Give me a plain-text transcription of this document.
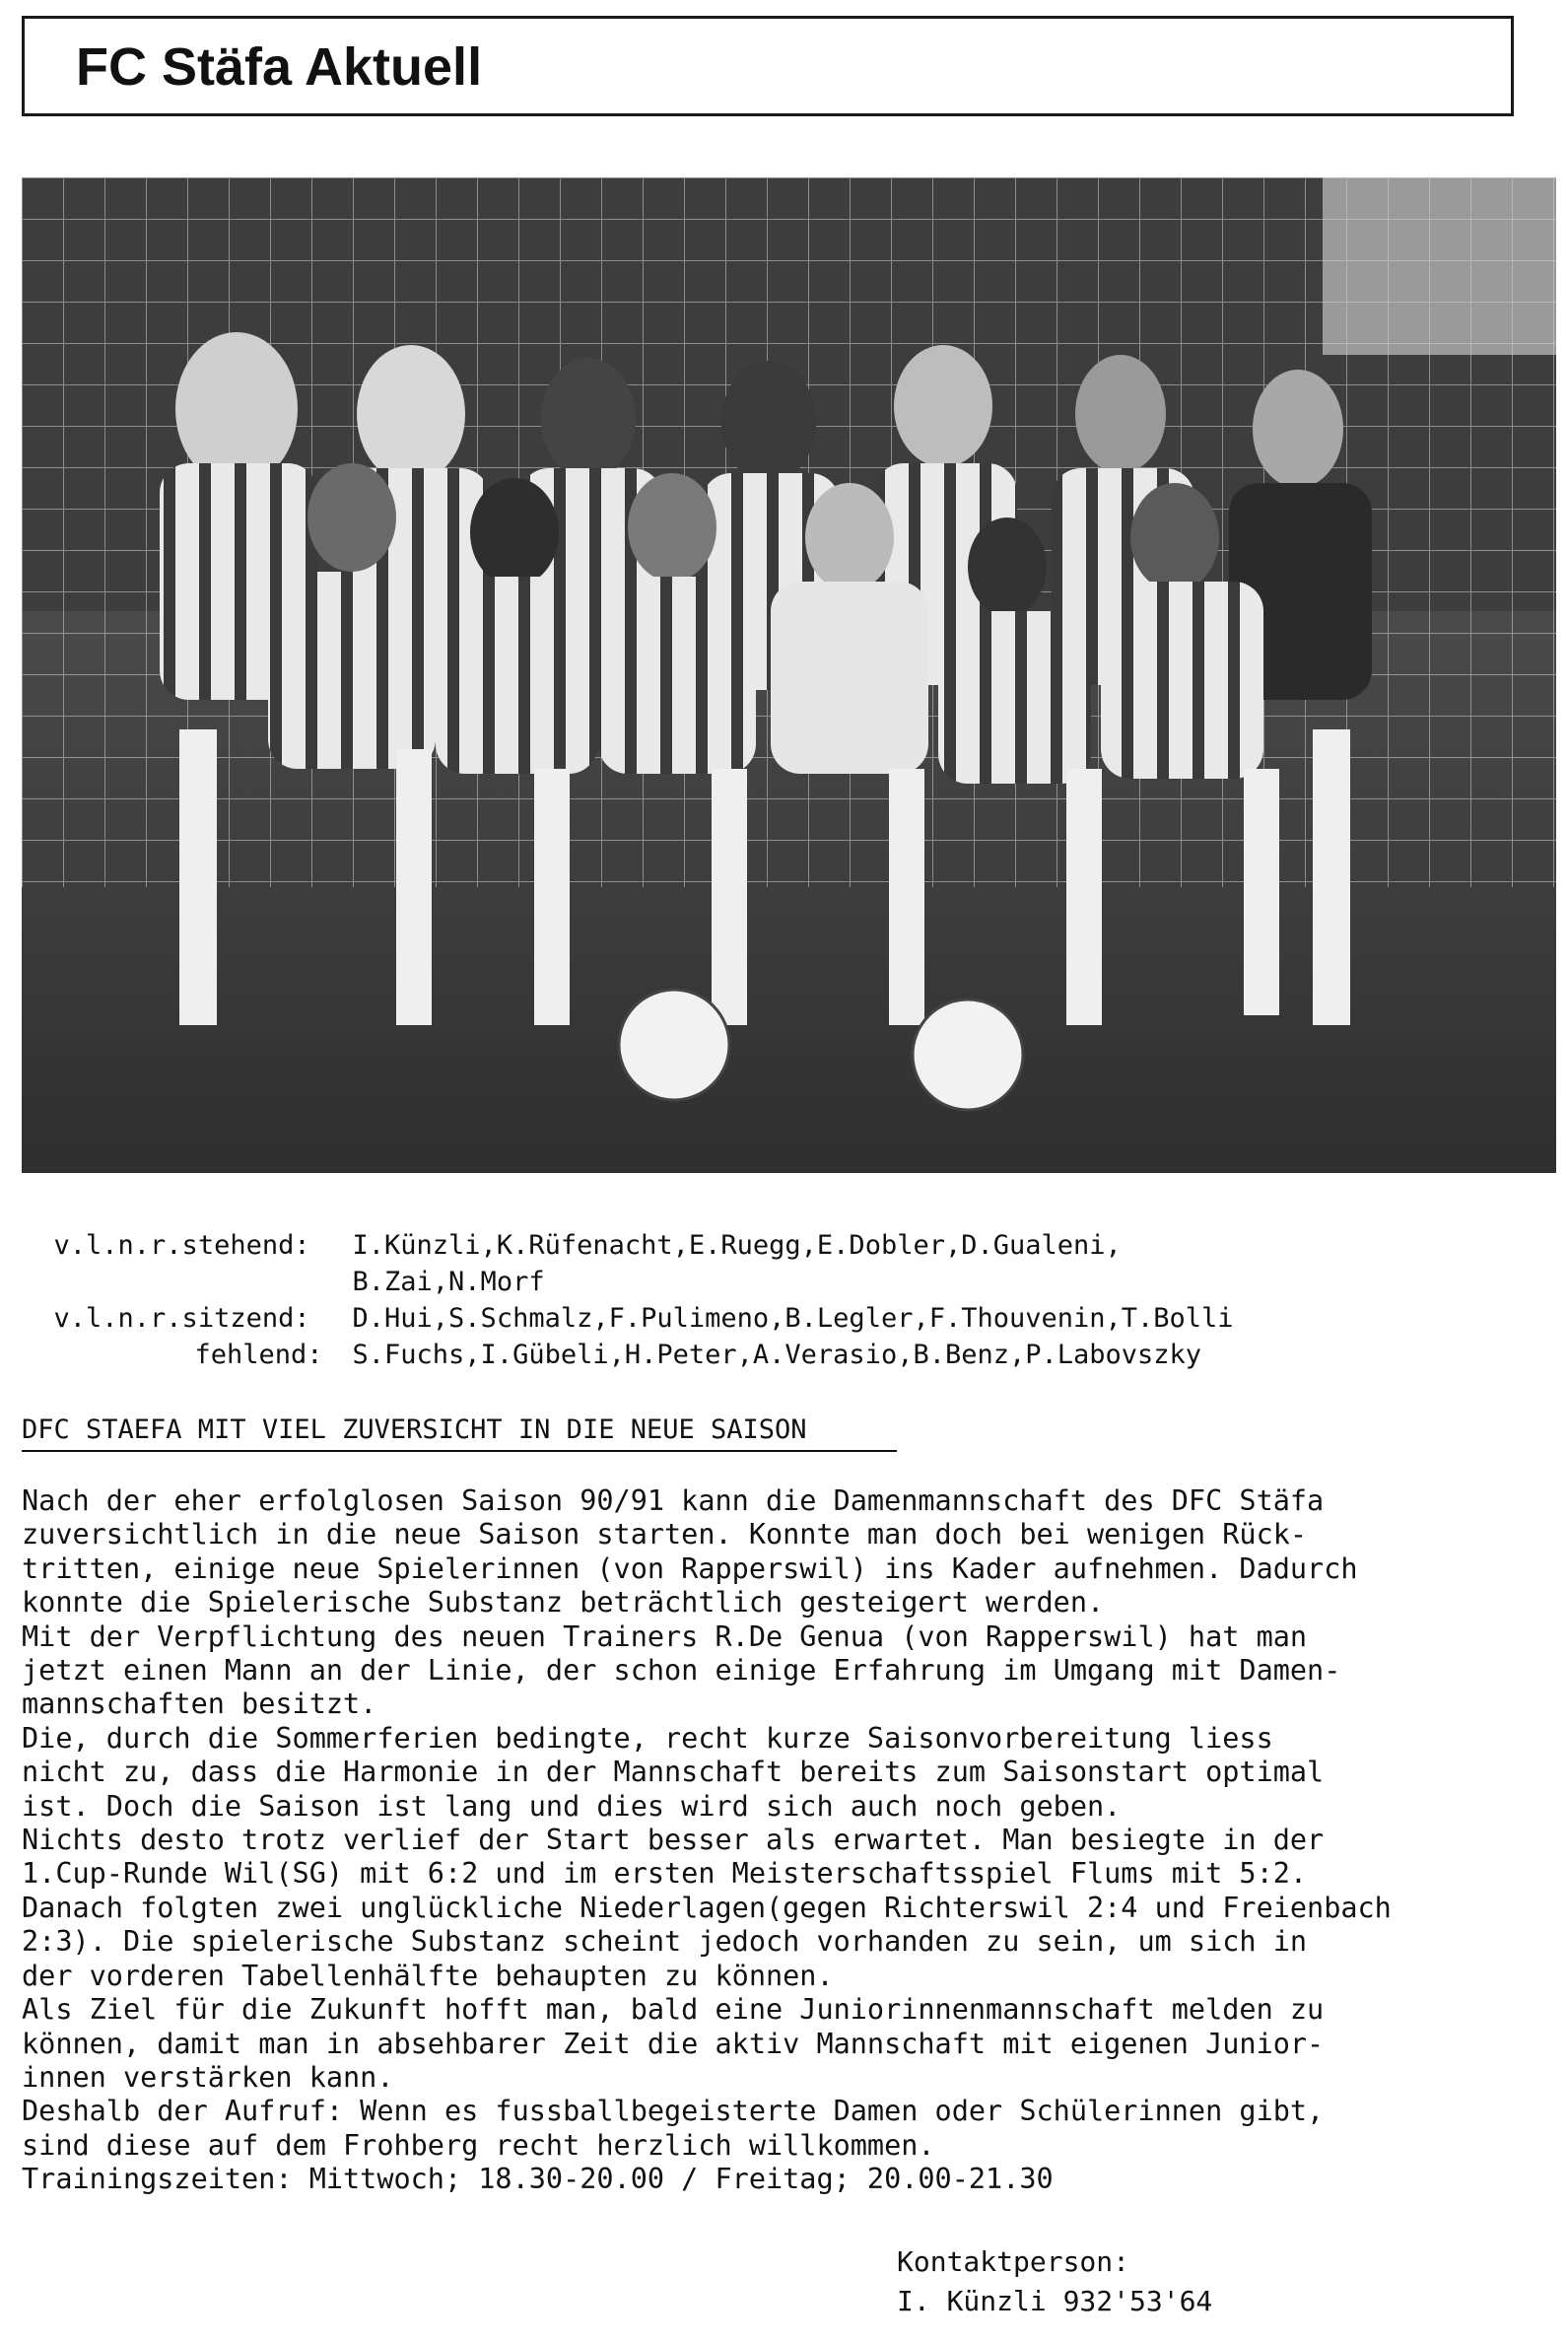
FC Stäfa Aktuell

v.l.n.r.stehend:	I.Künzli,K.Rüfenacht,E.Ruegg,E.Dobler,D.Gualeni,

B.Zai,N.Morf

v.l.n.r.sitzend:	D.Hui,S.Schmalz,F.Pulimeno,B.Legler,F.Thouvenin,T.Bolli

fehlend:	S.Fuchs,I.Gübeli,H.Peter,A.Verasio,B.Benz,P.Labovszky

DFC STAEFA MIT VIEL ZUVERSICHT IN DIE NEUE SAISON

Nach der eher erfolglosen Saison 90/91 kann die Damenmannschaft des DFC Stäfa

zuversichtlich in die neue Saison starten. Konnte man doch bei wenigen Rück-

tritten, einige neue Spielerinnen (von Rapperswil) ins Kader aufnehmen. Dadurch

konnte die Spielerische Substanz beträchtlich gesteigert werden.

Mit der Verpflichtung des neuen Trainers R.De Genua (von Rapperswil) hat man

jetzt einen Mann an der Linie, der schon einige Erfahrung im Umgang mit Damen-

mannschaften besitzt.

Die, durch die Sommerferien bedingte, recht kurze Saisonvorbereitung liess

nicht zu, dass die Harmonie in der Mannschaft bereits zum Saisonstart optimal

ist. Doch die Saison ist lang und dies wird sich auch noch geben.

Nichts desto trotz verlief der Start besser als erwartet. Man besiegte in der

1.Cup-Runde Wil(SG) mit 6:2 und im ersten Meisterschaftsspiel Flums mit 5:2.

Danach folgten zwei unglückliche Niederlagen(gegen Richterswil 2:4 und Freienbach

2:3). Die spielerische Substanz scheint jedoch vorhanden zu sein, um sich in

der vorderen Tabellenhälfte behaupten zu können.

Als Ziel für die Zukunft hofft man, bald eine Juniorinnenmannschaft melden zu

können, damit man in absehbarer Zeit die aktiv Mannschaft mit eigenen Junior-

innen verstärken kann.

Deshalb der Aufruf: Wenn es fussballbegeisterte Damen oder Schülerinnen gibt,

sind diese auf dem Frohberg recht herzlich willkommen.

Trainingszeiten: Mittwoch; 18.30-20.00 / Freitag; 20.00-21.30

Kontaktperson:
I. Künzli 932'53'64
